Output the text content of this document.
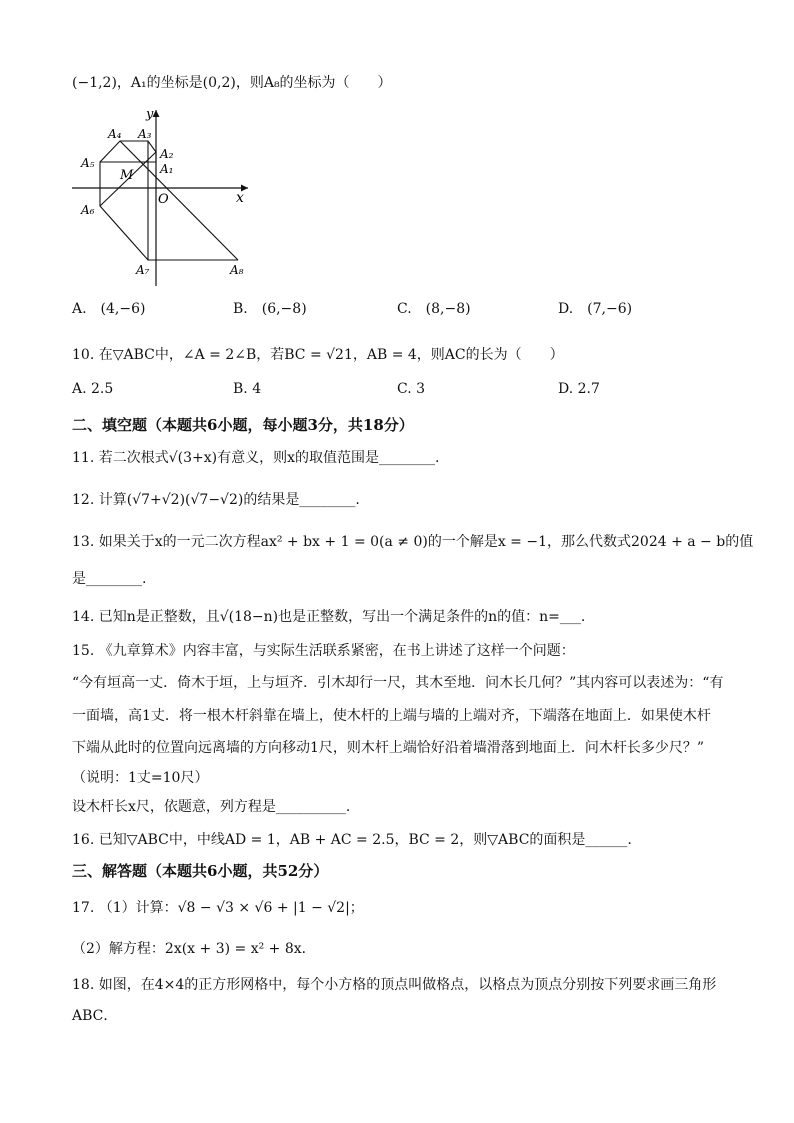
(−1,2)，A₁的坐标是(0,2)，则A₈的坐标为（　　）
y
x
O
M A₁
A₂
A₃
A₄
A₅
A₆
A₇	A₈
A.　(4,−6)	B.　(6,−8)	C.　(8,−8)	D.　(7,−6)
10. 在▽ABC中，∠A = 2∠B，若BC = √21，AB = 4，则AC的长为（　　）
A. 2.5	B. 4	C. 3	D. 2.7
二、填空题（本题共6小题，每小题3分，共18分）
11. 若二次根式√(3+x)有意义，则x的取值范围是________.
12. 计算(√7+√2)(√7−√2)的结果是________.
13. 如果关于x的一元二次方程ax² + bx + 1 = 0(a ≠ 0)的一个解是x = −1，那么代数式2024 + a − b的值
是________.
14. 已知n是正整数，且√(18−n)也是正整数，写出一个满足条件的n的值：n=___.
15. 《九章算术》内容丰富，与实际生活联系紧密，在书上讲述了这样一个问题：
“今有垣高一丈．倚木于垣，上与垣齐．引木却行一尺，其木至地．问木长几何？”其内容可以表述为：“有
一面墙，高1丈．将一根木杆斜靠在墙上，使木杆的上端与墙的上端对齐，下端落在地面上．如果使木杆
下端从此时的位置向远离墙的方向移动1尺，则木杆上端恰好沿着墙滑落到地面上．问木杆长多少尺？”
（说明：1丈=10尺）
设木杆长x尺，依题意，列方程是__________.
16. 已知▽ABC中，中线AD = 1，AB + AC = 2.5，BC = 2，则▽ABC的面积是______.
三、解答题（本题共6小题，共52分）
17. （1）计算：√8 − √3 × √6 + |1 − √2|；
（2）解方程：2x(x + 3) = x² + 8x．
18. 如图，在4×4的正方形网格中，每个小方格的顶点叫做格点，以格点为顶点分别按下列要求画三角形
ABC．
